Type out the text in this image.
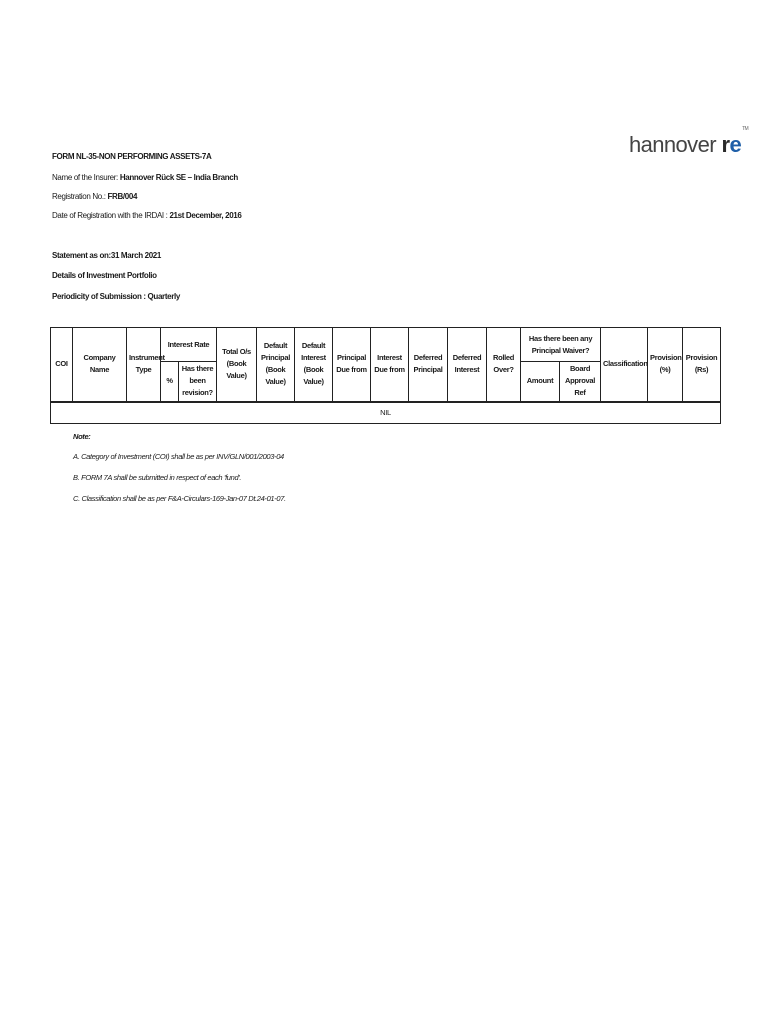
FORM NL-35-NON PERFORMING ASSETS-7A
Name of the Insurer: Hannover Rück SE – India Branch
Registration No.: FRB/004
Date of Registration with the IRDAI : 21st December, 2016
Statement as on:31 March 2021
Details of Investment Portfolio
Periodicity of Submission : Quarterly
hannover re™
COI	Company Name	Instrument Type	Interest Rate		Total O/s (Book Value)	Default Principal (Book Value)	Default Interest (Book Value)	Principal Due from	Interest Due from	Deferred Principal	Deferred Interest	Rolled Over?	Has there been any Principal Waiver?		Classification	Provision (%)	Provision (Rs)
			%	Has there been revision?									Amount	Board Approval Ref			
NIL																	
Note:
A. Category of Investment (COI) shall be as per INV/GLN/001/2003-04
B. FORM 7A shall be submitted in respect of each 'fund'.
C. Classification shall be as per F&A-Circulars-169-Jan-07 Dt.24-01-07.
